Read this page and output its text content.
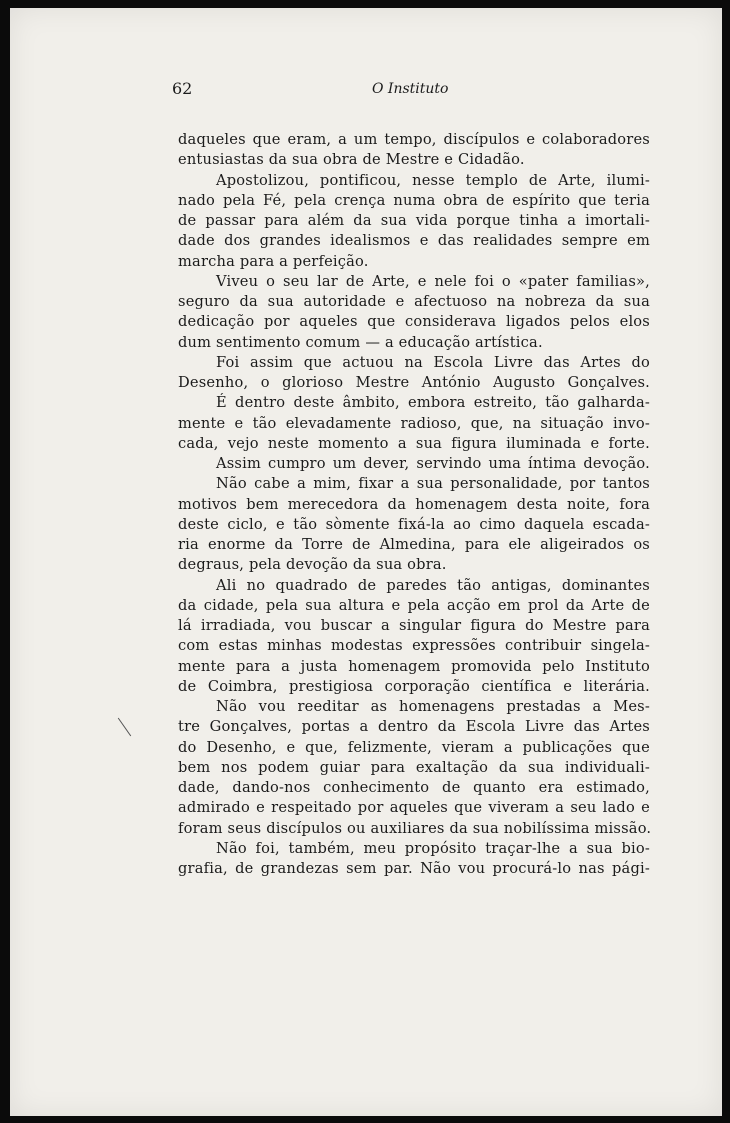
62	O Instituto
daqueles que eram, a um tempo, discípulos e colaboradores
entusiastas da sua obra de Mestre e Cidadão.
Apostolizou, pontificou, nesse templo de Arte, ilumi-
nado pela Fé, pela crença numa obra de espírito que teria
de passar para além da sua vida porque tinha a imortali-
dade dos grandes idealismos e das realidades sempre em
marcha para a perfeição.
Viveu o seu lar de Arte, e nele foi o «pater familias»,
seguro da sua autoridade e afectuoso na nobreza da sua
dedicação por aqueles que considerava ligados pelos elos
dum sentimento comum — a educação artística.
Foi assim que actuou na Escola Livre das Artes do
Desenho, o glorioso Mestre António Augusto Gonçalves.
É dentro deste âmbito, embora estreito, tão galharda-
mente e tão elevadamente radioso, que, na situação invo-
cada, vejo neste momento a sua figura iluminada e forte.
Assim cumpro um dever, servindo uma íntima devoção.
Não cabe a mim, fixar a sua personalidade, por tantos
motivos bem merecedora da homenagem desta noite, fora
deste ciclo, e tão sòmente fixá-la ao cimo daquela escada-
ria enorme da Torre de Almedina, para ele aligeirados os
degraus, pela devoção da sua obra.
Ali no quadrado de paredes tão antigas, dominantes
da cidade, pela sua altura e pela acção em prol da Arte de
lá irradiada, vou buscar a singular figura do Mestre para
com estas minhas modestas expressões contribuir singela-
mente para a justa homenagem promovida pelo Instituto
de Coimbra, prestigiosa corporação científica e literária.
Não vou reeditar as homenagens prestadas a Mes-
tre Gonçalves, portas a dentro da Escola Livre das Artes
do Desenho, e que, felizmente, vieram a publicações que
bem nos podem guiar para exaltação da sua individuali-
dade, dando-nos conhecimento de quanto era estimado,
admirado e respeitado por aqueles que viveram a seu lado e
foram seus discípulos ou auxiliares da sua nobilíssima missão.
Não foi, também, meu propósito traçar-lhe a sua bio-
grafia, de grandezas sem par. Não vou procurá-lo nas pági-
